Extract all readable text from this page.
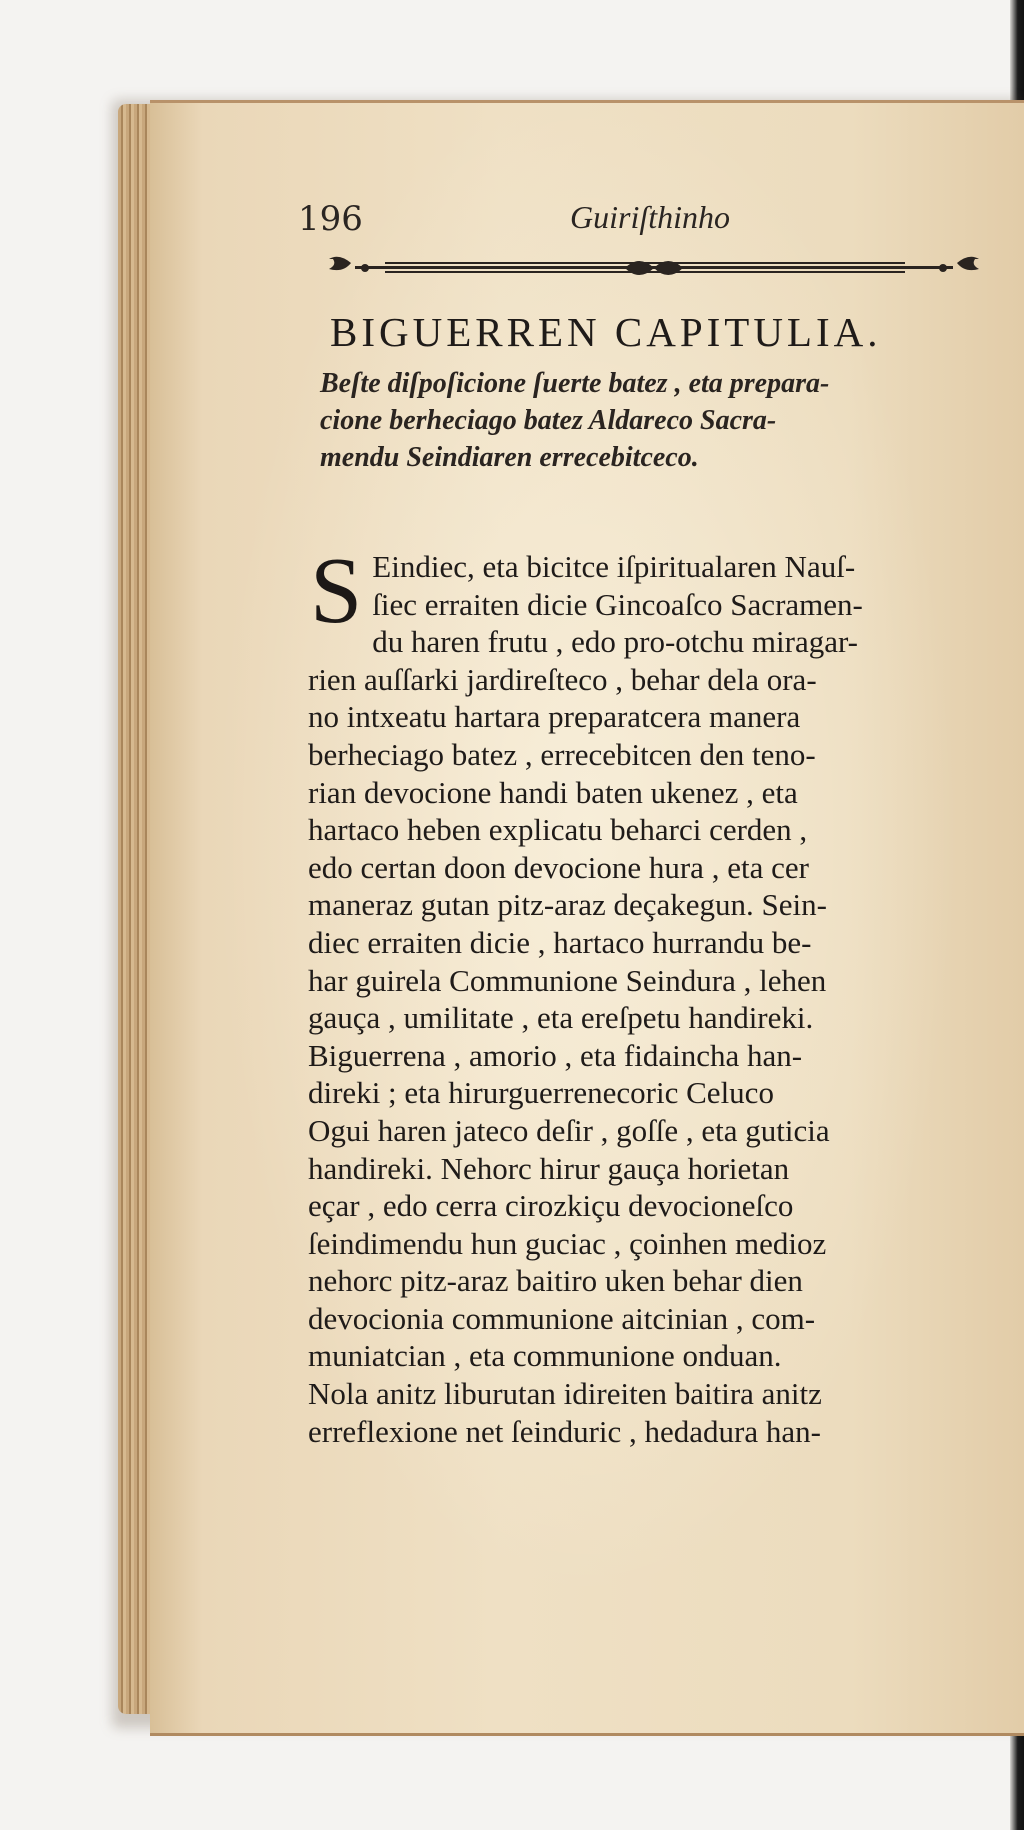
196	Guiriſthinho
BIGUERREN CAPITULIA.
Beſte diſpoſicione ſuerte batez , eta prepara-
cione berheciago batez Aldareco Sacra-
mendu Seindiaren errecebitceco.
S Eindiec, eta bicitce iſpiritualaren Nauſ-
ſiec erraiten dicie Gincoaſco Sacramen-
du haren frutu , edo pro-otchu miragar-
rien auſſarki jardireſteco , behar dela ora-
no intxeatu hartara preparatcera manera
berheciago batez , errecebitcen den teno-
rian devocione handi baten ukenez , eta
hartaco heben explicatu beharci cerden ,
edo certan doon devocione hura , eta cer
maneraz gutan pitz-araz deçakegun. Sein-
diec erraiten dicie , hartaco hurrandu be-
har guirela Communione Seindura , lehen
gauça , umilitate , eta ereſpetu handireki.
Biguerrena , amorio , eta fidaincha han-
direki ; eta hirurguerrenecoric Celuco
Ogui haren jateco deſir , goſſe , eta guticia
handireki. Nehorc hirur gauça horietan
eçar , edo cerra cirozkiçu devocioneſco
ſeindimendu hun guciac , çoinhen medioz
nehorc pitz-araz baitiro uken behar dien
devocionia communione aitcinian , com-
muniatcian , eta communione onduan.
Nola anitz liburutan idireiten baitira anitz
erreflexione net ſeinduric , hedadura han-
